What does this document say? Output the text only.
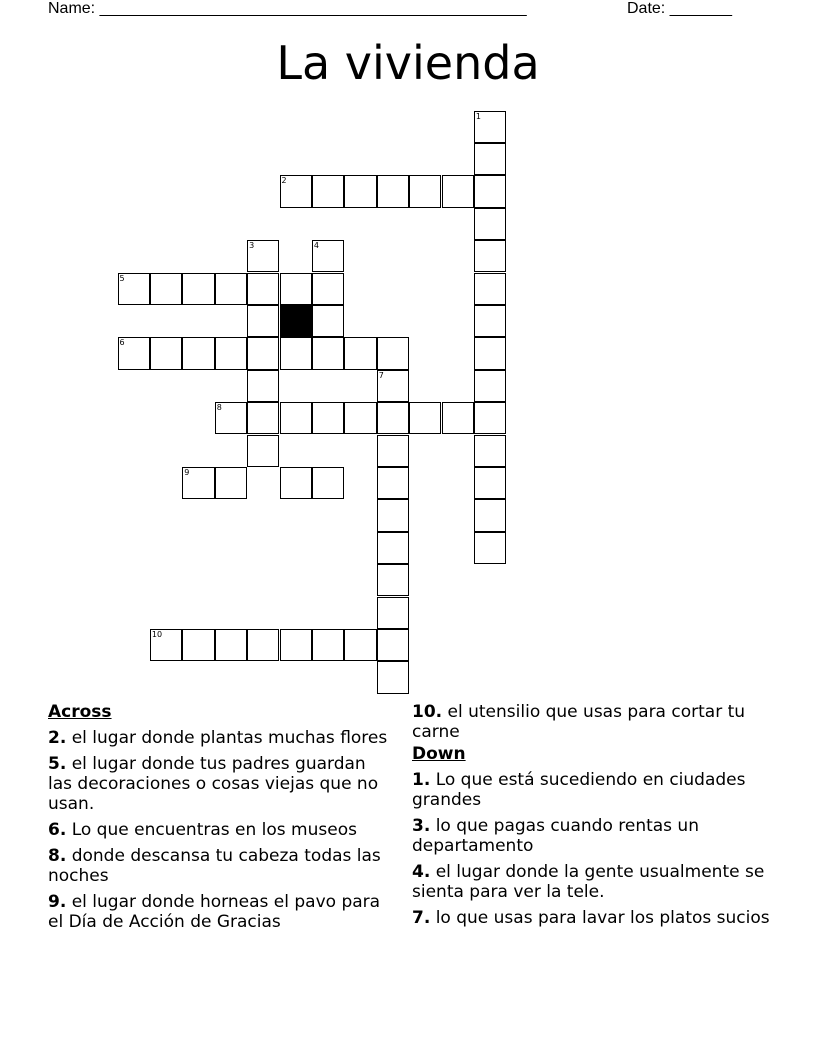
Name: ________________________________________________	Date: _______
La vivienda
1
2
3	4
5
6
7
8
9
10
Across
2. el lugar donde plantas muchas flores
5. el lugar donde tus padres guardan las decoraciones o cosas viejas que no usan.
6. Lo que encuentras en los museos
8. donde descansa tu cabeza todas las noches
9. el lugar donde horneas el pavo para el Día de Acción de Gracias
10. el utensilio que usas para cortar tu carne
Down
1. Lo que está sucediendo en ciudades grandes
3. lo que pagas cuando rentas un departamento
4. el lugar donde la gente usualmente se sienta para ver la tele.
7. lo que usas para lavar los platos sucios
